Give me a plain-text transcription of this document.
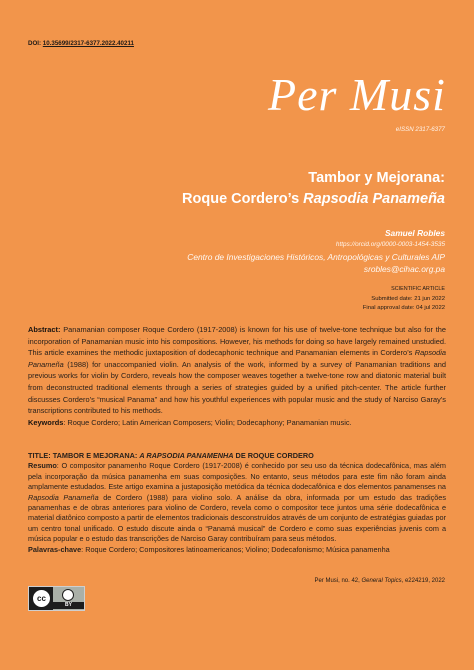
DOI: 10.35699/2317-6377.2022.40211
Per Musi
eISSN 2317-6377
Tambor y Mejorana:
Roque Cordero’s Rapsodia Panameña
Samuel Robles
https://orcid.org/0000-0003-1454-3535
Centro de Investigaciones Históricos, Antropológicas y Culturales AIP
srobles@cihac.org.pa
SCIENTIFIC ARTICLE
Submitted date: 21 jun 2022
Final approval date: 04 jul 2022
Abstract: Panamanian composer Roque Cordero (1917-2008) is known for his use of twelve-tone technique but also for the incorporation of Panamanian music into his compositions. However, his methods for doing so have largely remained unstudied. This article examines the methodic juxtaposition of dodecaphonic technique and Panamanian elements in Cordero’s Rapsodia Panameña (1988) for unaccompanied violin. An analysis of the work, informed by a survey of Panamanian traditions and previous works for violin by Cordero, reveals how the composer weaves together a twelve-tone row and diatonic material built from deconstructed traditional elements through a series of strategies guided by a unified pitch-center. The article further discusses Cordero’s “musical Panama” and how his youthful experiences with popular music and the study of Narciso Garay’s transcriptions contributed to his methods.
Keywords: Roque Cordero; Latin American Composers; Violin; Dodecaphony; Panamanian music.
TITLE: TAMBOR E MEJORANA: A RAPSODIA PANAMENHA DE ROQUE CORDERO
Resumo: O compositor panamenho Roque Cordero (1917-2008) é conhecido por seu uso da técnica dodecafônica, mas além pela incorporação da música panamenha em suas composições. No entanto, seus métodos para este fim não foram ainda amplamente estudados. Este artigo examina a justaposição metódica da técnica dodecafônica e dos elementos panamenses na Rapsodia Panameña de Cordero (1988) para violino solo. A análise da obra, informada por um estudo das tradições panamenhas e de obras anteriores para violino de Cordero, revela como o compositor tece juntos uma série dodecafônica e material diatônico composto a partir de elementos tradicionais desconstruídos através de um conjunto de estratégias guiadas por um centro tonal unificado. O estudo discute ainda o “Panamá musical” de Cordero e como suas experiências juvenis com a música popular e o estudo das transcrições de Narciso Garay contribuíram para seus métodos.
Palavras-chave: Roque Cordero; Compositores latinoamericanos; Violino; Dodecafonismo; Música panamenha
Per Musi, no. 42, General Topics, e224219, 2022
cc
BY
